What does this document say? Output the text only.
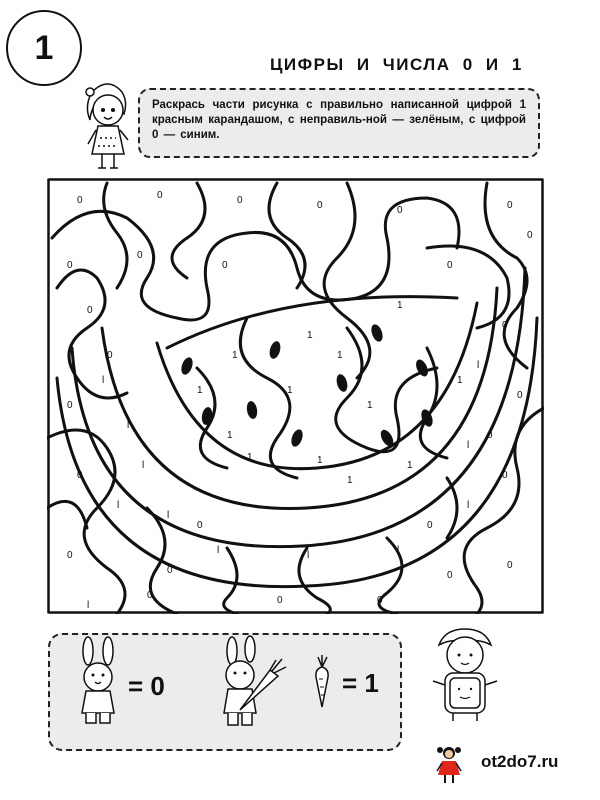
1	ЦИФРЫ И ЧИСЛА 0 И 1

Раскрась части рисунка с правильно написанной цифрой 1 красным карандашом, с неправиль-ной — зелёным, с цифрой 0 — синим.

0	0	0	0	0	0
0
0
0	0
0
0
0
0
0
0	0
0
0	0	0
0
0	0
0
0
0
0	1
1
1
1
1
1
1	1
1
1
1
1
1
l
l
l
l
l	l	l
l
l
l
l
l
= 0	= 1
ot2do7.ru
